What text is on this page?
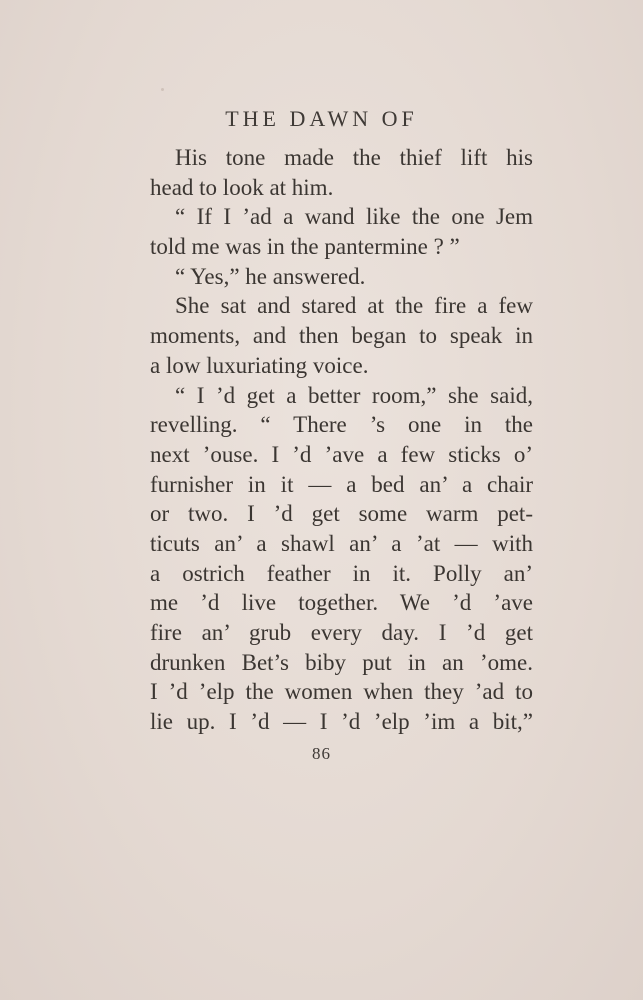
THE DAWN OF
His tone made the thief lift his
head to look at him.
“ If I ’ad a wand like the one Jem
told me was in the pantermine ? ”
“ Yes,” he answered.
She sat and stared at the fire a few
moments, and then began to speak in
a low luxuriating voice.
“ I ’d get a better room,” she said,
revelling. “ There ’s one in the
next ’ouse. I ’d ’ave a few sticks o’
furnisher in it — a bed an’ a chair
or two. I ’d get some warm pet-
ticuts an’ a shawl an’ a ’at — with
a ostrich feather in it. Polly an’
me ’d live together. We ’d ’ave
fire an’ grub every day. I ’d get
drunken Bet’s biby put in an ’ome.
I ’d ’elp the women when they ’ad to
lie up. I ’d — I ’d ’elp ’im a bit,”
86
